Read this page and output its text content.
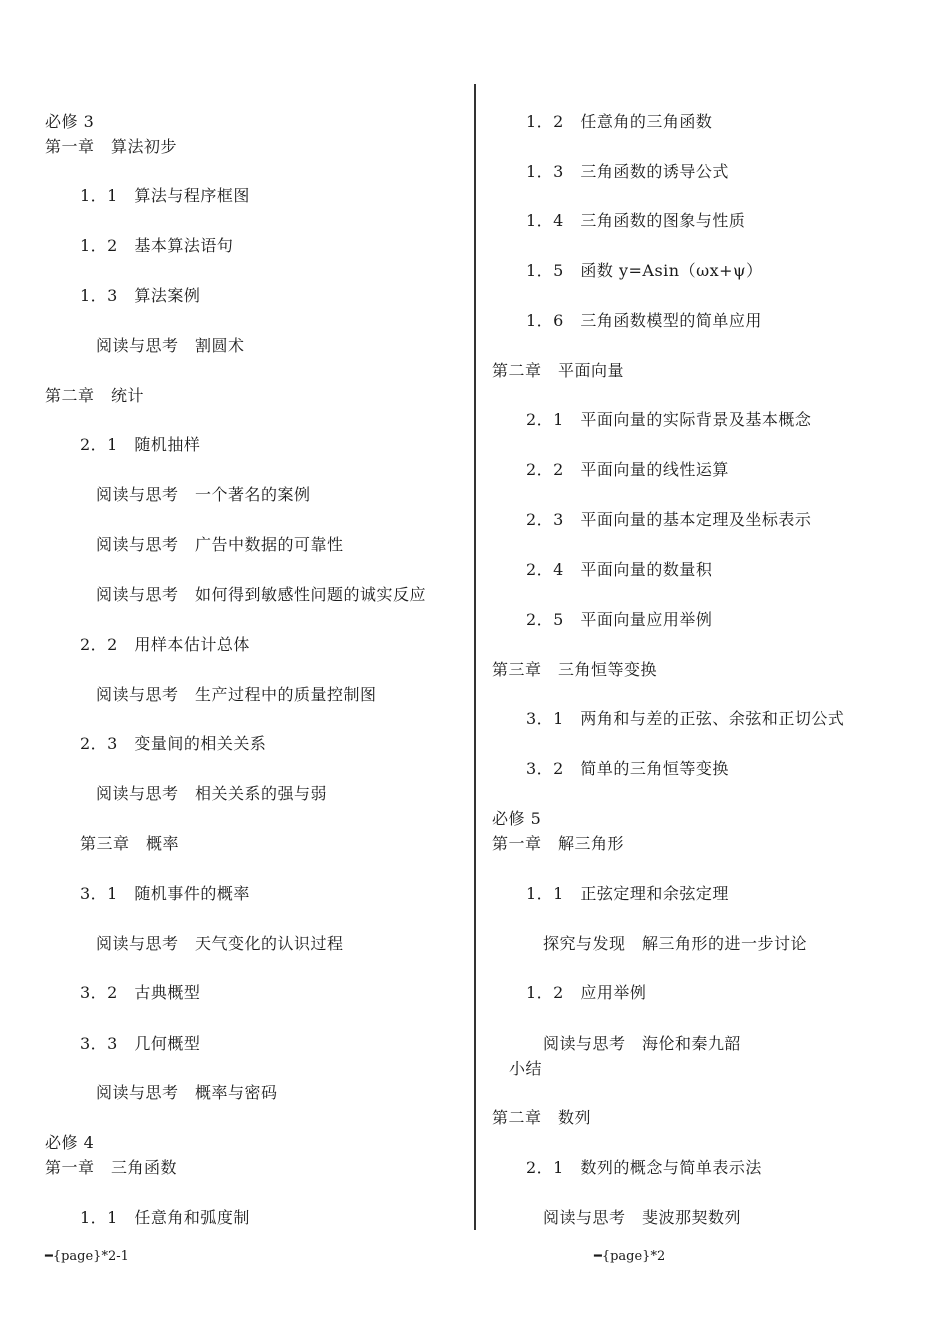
必修 3
第一章　算法初步
1．1　算法与程序框图
1．2　基本算法语句
1．3　算法案例
阅读与思考　割圆术
第二章　统计
2．1　随机抽样
阅读与思考　一个著名的案例
阅读与思考　广告中数据的可靠性
阅读与思考　如何得到敏感性问题的诚实反应
2．2　用样本估计总体
阅读与思考　生产过程中的质量控制图
2．3　变量间的相关关系
阅读与思考　相关关系的强与弱
第三章　概率
3．1　随机事件的概率
阅读与思考　天气变化的认识过程
3．2　古典概型
3．3　几何概型
阅读与思考　概率与密码
必修 4
第一章　三角函数
1．1　任意角和弧度制
1．2　任意角的三角函数
1．3　三角函数的诱导公式
1．4　三角函数的图象与性质
1．5　函数 y=Asin（ωx+ψ）
1．6　三角函数模型的简单应用
第二章　平面向量
2．1　平面向量的实际背景及基本概念
2．2　平面向量的线性运算
2．3　平面向量的基本定理及坐标表示
2．4　平面向量的数量积
2．5　平面向量应用举例
第三章　三角恒等变换
3．1　两角和与差的正弦、余弦和正切公式
3．2　简单的三角恒等变换
必修 5
第一章　解三角形
1．1　正弦定理和余弦定理
探究与发现　解三角形的进一步讨论
1．2　应用举例
阅读与思考　海伦和秦九韶
小结
第二章　数列
2．1　数列的概念与简单表示法
阅读与思考　斐波那契数列
━{page}*2-1	━{page}*2
